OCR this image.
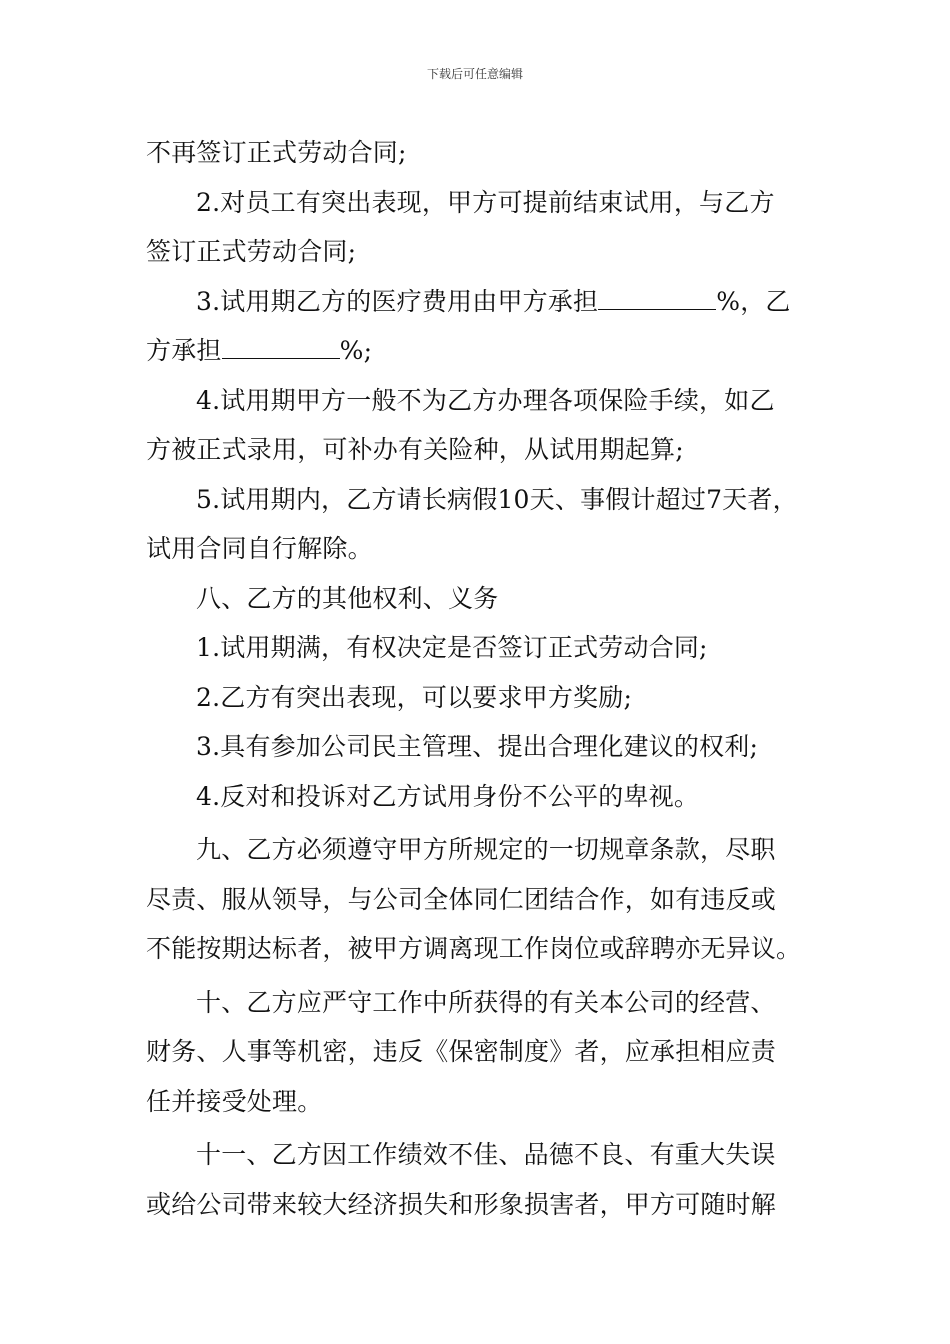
下载后可任意编辑
不再签订正式劳动合同;
2.对员工有突出表现，甲方可提前结束试用，与乙方
签订正式劳动合同;
3.试用期乙方的医疗费用由甲方承担	%，乙
方承担	%;
4.试用期甲方一般不为乙方办理各项保险手续，如乙
方被正式录用，可补办有关险种，从试用期起算;
5.试用期内，乙方请长病假10天、事假计超过7天者，
试用合同自行解除。
八、乙方的其他权利、义务
1.试用期满，有权决定是否签订正式劳动合同;
2.乙方有突出表现，可以要求甲方奖励;
3.具有参加公司民主管理、提出合理化建议的权利;
4.反对和投诉对乙方试用身份不公平的卑视。
九、乙方必须遵守甲方所规定的一切规章条款，尽职
尽责、服从领导，与公司全体同仁团结合作，如有违反或
不能按期达标者，被甲方调离现工作岗位或辞聘亦无异议。
十、乙方应严守工作中所获得的有关本公司的经营、
财务、人事等机密，违反《保密制度》者，应承担相应责
任并接受处理。
十一、乙方因工作绩效不佳、品德不良、有重大失误
或给公司带来较大经济损失和形象损害者，甲方可随时解
